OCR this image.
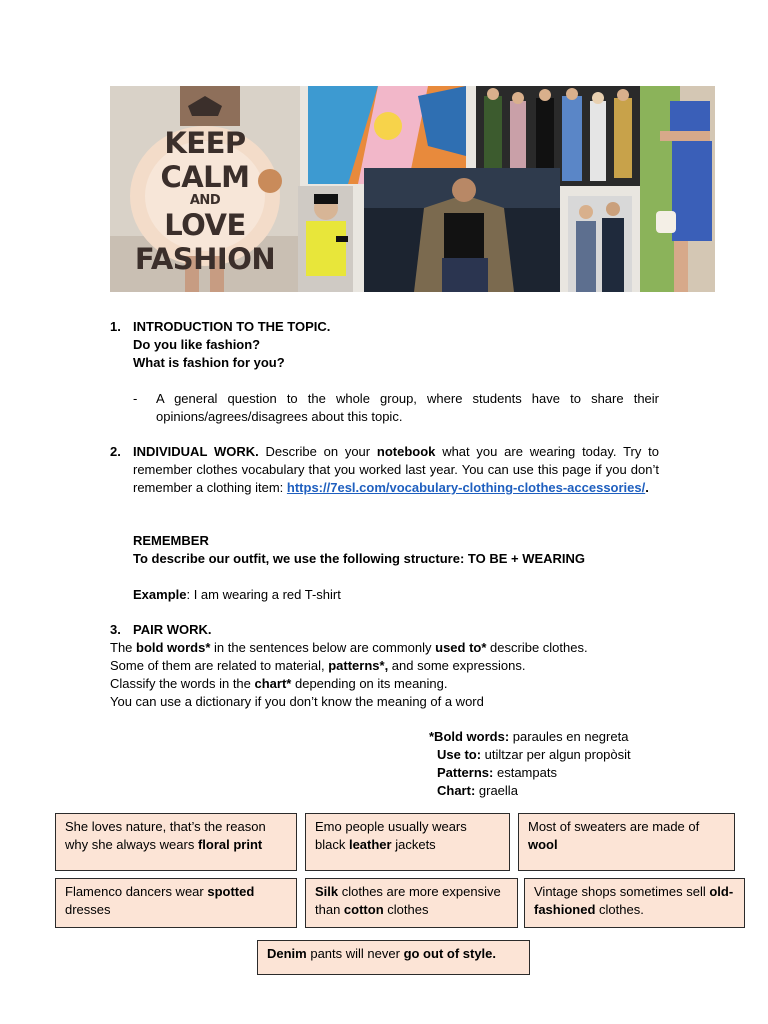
KEEP
CALM
AND
LOVE
FASHION
1. INTRODUCTION TO THE TOPIC.
Do you like fashion?
What is fashion for you?
- A general question to the whole group, where students have to share their opinions/agrees/disagrees about this topic.
2. INDIVIDUAL WORK. Describe on your notebook what you are wearing today. Try to remember clothes vocabulary that you worked last year. You can use this page if you don’t remember a clothing item: https://7esl.com/vocabulary-clothing-clothes-accessories/.
REMEMBER
To describe our outfit, we use the following structure: TO BE + WEARING
Example: I am wearing a red T-shirt
3. PAIR WORK.
The bold words* in the sentences below are commonly used to* describe clothes.
Some of them are related to material, patterns*, and some expressions.
Classify the words in the chart* depending on its meaning.
You can use a dictionary if you don’t know the meaning of a word
*Bold words: paraules en negreta
Use to: utiltzar per algun propòsit
Patterns: estampats
Chart: graella
She loves nature, that’s the reason why she always wears floral print
Emo people usually wears black leather jackets
Most of sweaters are made of wool
Flamenco dancers wear spotted dresses
Silk clothes are more expensive than cotton clothes
Vintage shops sometimes sell old-fashioned clothes.
Denim pants will never go out of style.
